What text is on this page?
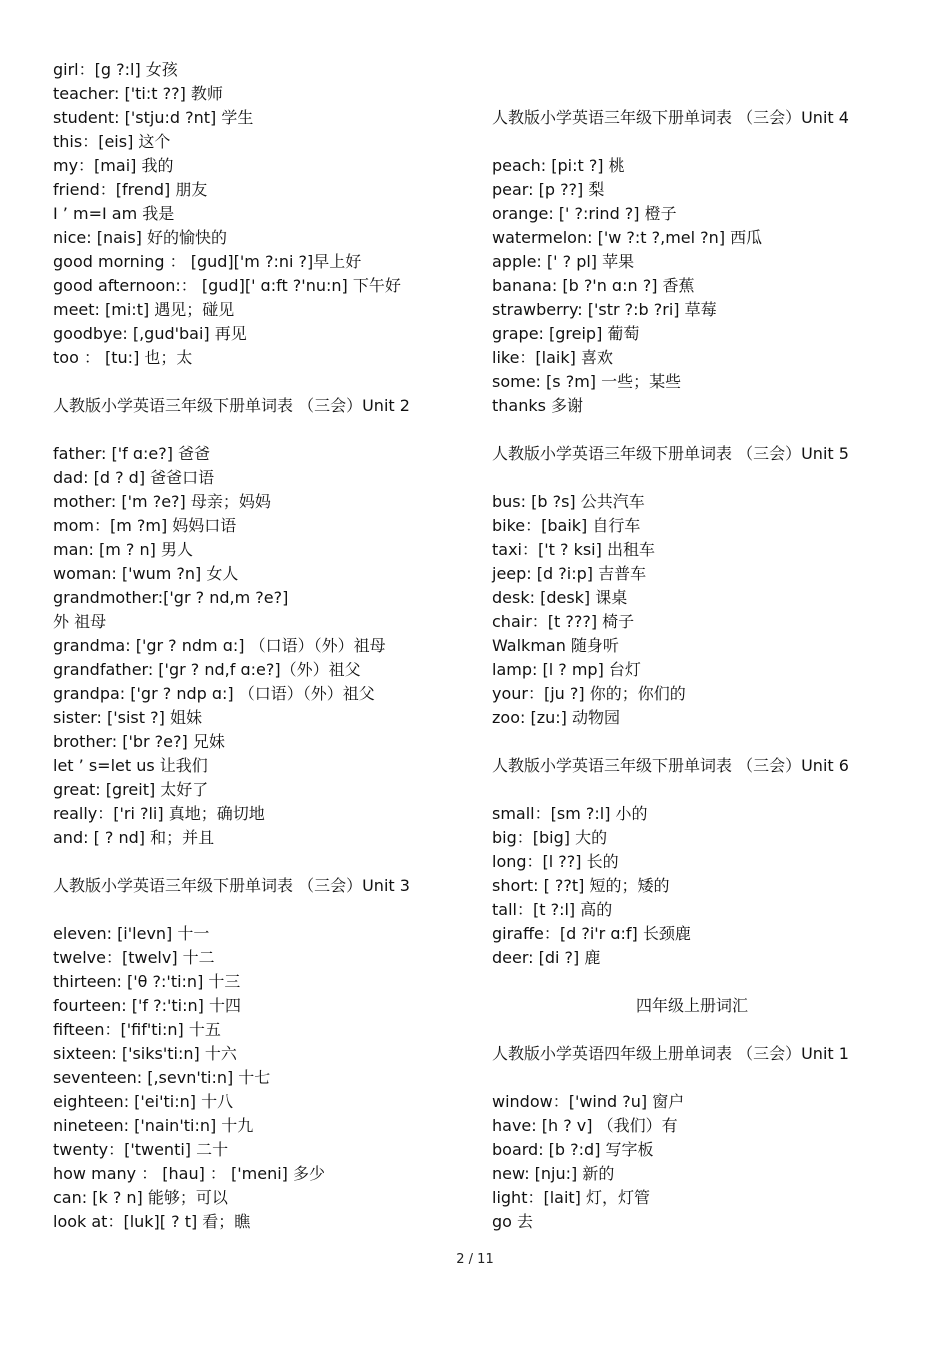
girl：[g ?:l] 女孩
teacher: ['ti:t ??] 教师
student: ['stju:d ?nt] 学生
this：[eis] 这个
my：[mai] 我的
friend：[frend] 朋友
I ’ m=I am 我是
nice: [nais] 好的愉快的
good morning ： [gud]['m ?:ni ?]早上好
good afternoon:： [gud][' ɑ:ft ?'nu:n] 下午好
meet: [mi:t] 遇见；碰见
goodbye: [,gud'bai] 再见
too ： [tu:] 也；太
人教版小学英语三年级下册单词表 （三会）Unit 2
father: ['f ɑ:e?] 爸爸
dad: [d ? d] 爸爸口语
mother: ['m ?e?] 母亲；妈妈
mom：[m ?m] 妈妈口语
man: [m ? n] 男人
woman: ['wum ?n] 女人
grandmother:['gr ? nd,m ?e?]
外 祖母
grandma: ['gr ? ndm ɑ:] （口语）（外）祖母
grandfather: ['gr ? nd,f ɑ:e?]（外）祖父
grandpa: ['gr ? ndp ɑ:] （口语）（外）祖父
sister: ['sist ?] 姐妹
brother: ['br ?e?] 兄妹
let ’ s=let us 让我们
great: [greit] 太好了
really：['ri ?li] 真地；确切地
and: [ ? nd] 和；并且
人教版小学英语三年级下册单词表 （三会）Unit 3
eleven: [i'levn] 十一
twelve：[twelv] 十二
thirteen: ['θ ?:'ti:n] 十三
fourteen: ['f ?:'ti:n] 十四
fifteen：['fif'ti:n] 十五
sixteen: ['siks'ti:n] 十六
seventeen: [,sevn'ti:n] 十七
eighteen: ['ei'ti:n] 十八
nineteen: ['nain'ti:n] 十九
twenty：['twenti] 二十
how many ： [hau] ： ['meni] 多少
can: [k ? n] 能够；可以
look at：[luk][ ? t] 看；瞧
人教版小学英语三年级下册单词表 （三会）Unit 4
peach: [pi:t ?] 桃
pear: [p ??] 梨
orange: [' ?:rind ?] 橙子
watermelon: ['w ?:t ?,mel ?n] 西瓜
apple: [' ? pl] 苹果
banana: [b ?'n ɑ:n ?] 香蕉
strawberry: ['str ?:b ?ri] 草莓
grape: [greip] 葡萄
like：[laik] 喜欢
some: [s ?m] 一些；某些
thanks 多谢
人教版小学英语三年级下册单词表 （三会）Unit 5
bus: [b ?s] 公共汽车
bike：[baik] 自行车
taxi：['t ? ksi] 出租车
jeep: [d ?i:p] 吉普车
desk: [desk] 课桌
chair：[t ???] 椅子
Walkman 随身听
lamp: [l ? mp] 台灯
your：[ju ?] 你的；你们的
zoo: [zu:] 动物园
人教版小学英语三年级下册单词表 （三会）Unit 6
small：[sm ?:l] 小的
big：[big] 大的
long：[l ??] 长的
short: [ ??t] 短的；矮的
tall：[t ?:l] 高的
giraffe：[d ?i'r ɑ:f] 长颈鹿
deer: [di ?] 鹿
四年级上册词汇
人教版小学英语四年级上册单词表 （三会）Unit 1
window：['wind ?u] 窗户
have: [h ? v] （我们）有
board: [b ?:d] 写字板
new: [nju:] 新的
light：[lait] 灯，灯管
go 去
2 / 11
